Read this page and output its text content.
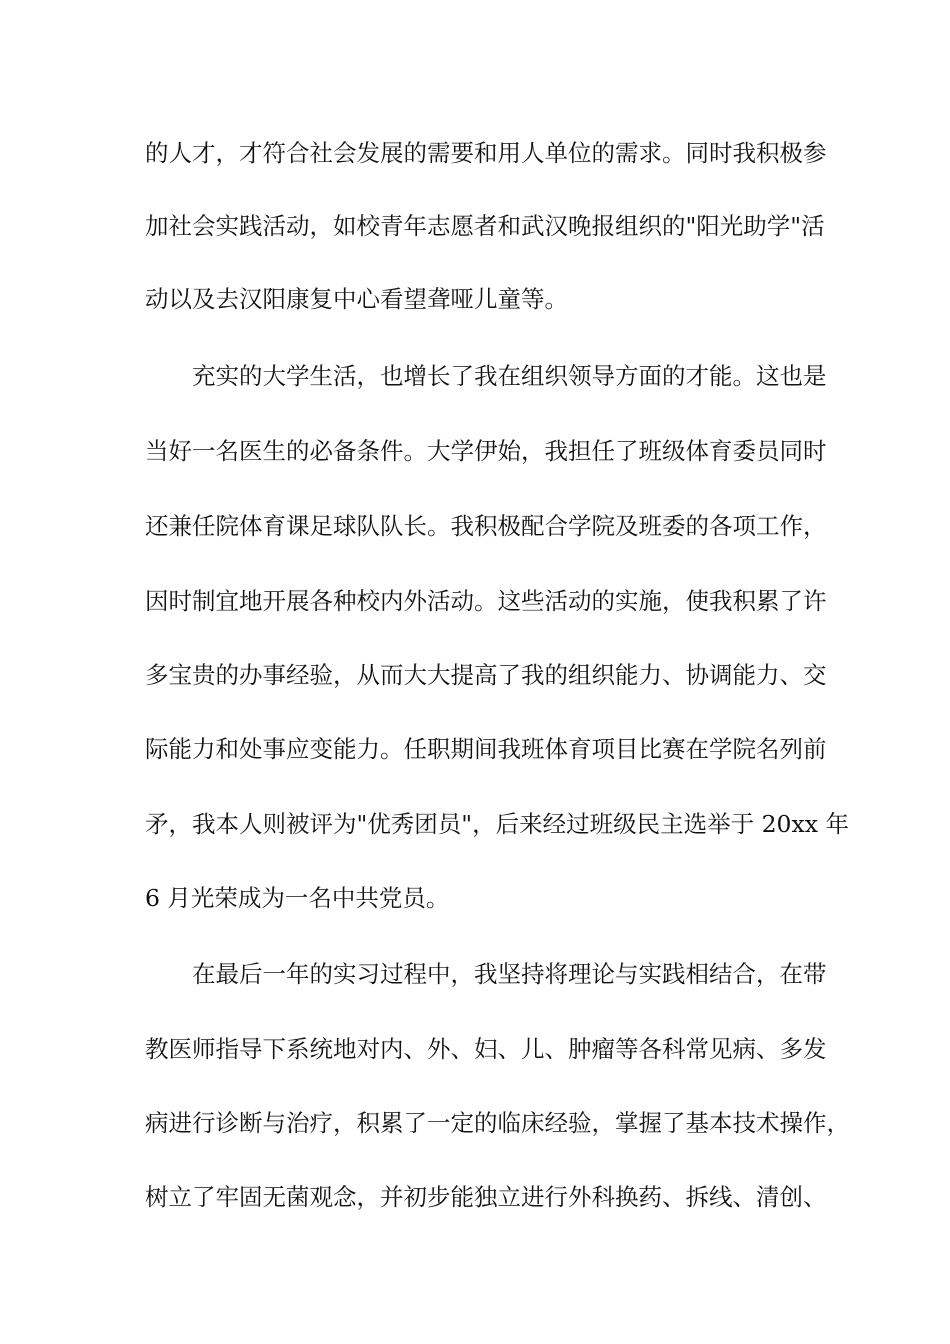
的人才，才符合社会发展的需要和用人单位的需求。同时我积极参
加社会实践活动，如校青年志愿者和武汉晚报组织的"阳光助学"活
动以及去汉阳康复中心看望聋哑儿童等。
充实的大学生活，也增长了我在组织领导方面的才能。这也是
当好一名医生的必备条件。大学伊始，我担任了班级体育委员同时
还兼任院体育课足球队队长。我积极配合学院及班委的各项工作，
因时制宜地开展各种校内外活动。这些活动的实施，使我积累了许
多宝贵的办事经验，从而大大提高了我的组织能力、协调能力、交
际能力和处事应变能力。任职期间我班体育项目比赛在学院名列前
矛，我本人则被评为"优秀团员"，后来经过班级民主选举于 20xx 年
6 月光荣成为一名中共党员。
在最后一年的实习过程中，我坚持将理论与实践相结合，在带
教医师指导下系统地对内、外、妇、儿、肿瘤等各科常见病、多发
病进行诊断与治疗，积累了一定的临床经验，掌握了基本技术操作，
树立了牢固无菌观念，并初步能独立进行外科换药、拆线、清创、
